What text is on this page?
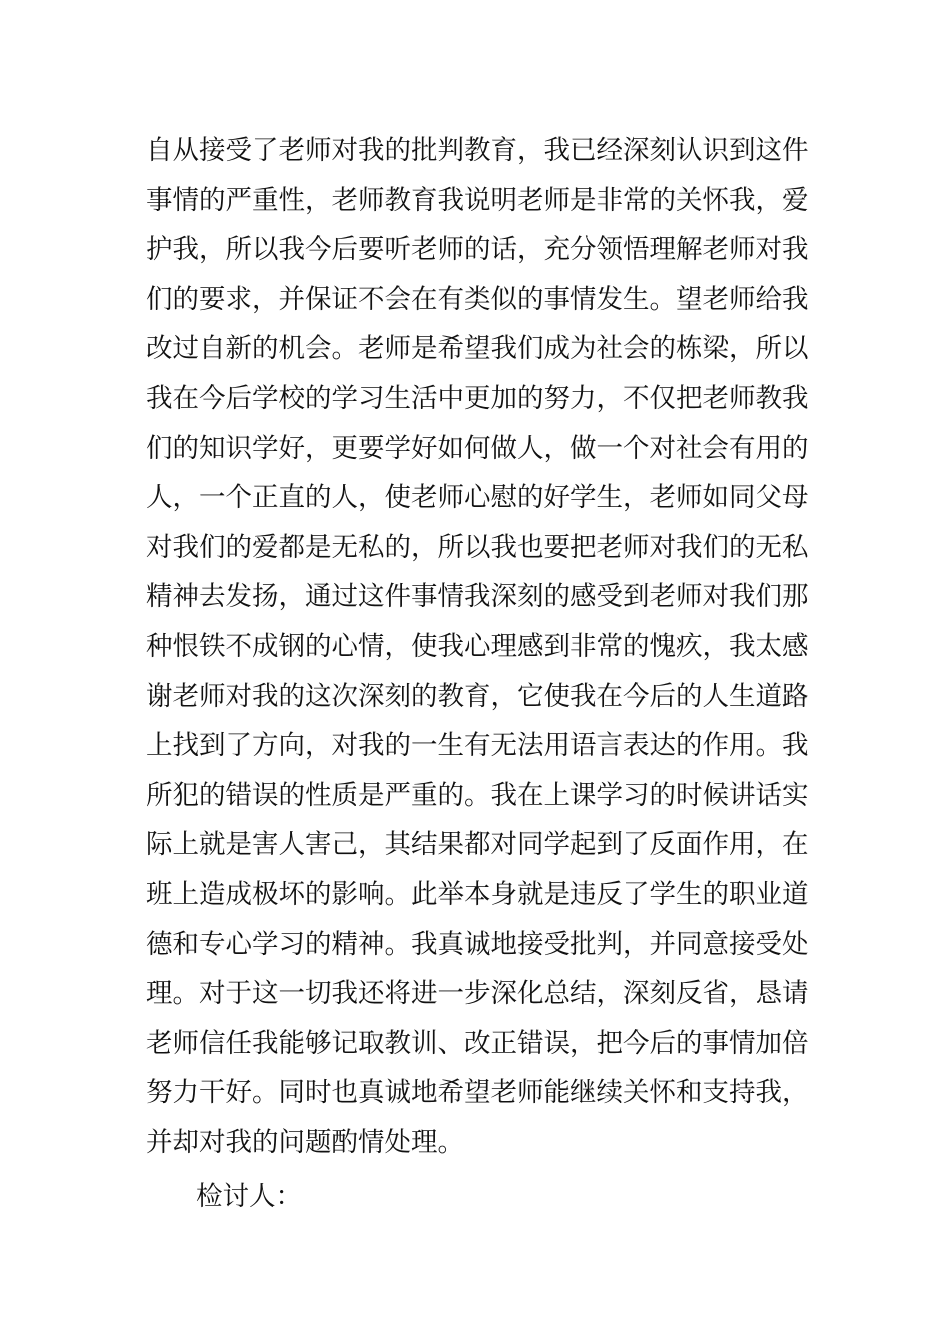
自从接受了老师对我的批判教育，我已经深刻认识到这件
事情的严重性，老师教育我说明老师是非常的关怀我，爱
护我，所以我今后要听老师的话，充分领悟理解老师对我
们的要求，并保证不会在有类似的事情发生。望老师给我
改过自新的机会。老师是希望我们成为社会的栋梁，所以
我在今后学校的学习生活中更加的努力，不仅把老师教我
们的知识学好，更要学好如何做人，做一个对社会有用的
人，一个正直的人，使老师心慰的好学生，老师如同父母
对我们的爱都是无私的，所以我也要把老师对我们的无私
精神去发扬，通过这件事情我深刻的感受到老师对我们那
种恨铁不成钢的心情，使我心理感到非常的愧疚，我太感
谢老师对我的这次深刻的教育，它使我在今后的人生道路
上找到了方向，对我的一生有无法用语言表达的作用。我
所犯的错误的性质是严重的。我在上课学习的时候讲话实
际上就是害人害己，其结果都对同学起到了反面作用，在
班上造成极坏的影响。此举本身就是违反了学生的职业道
德和专心学习的精神。我真诚地接受批判，并同意接受处
理。对于这一切我还将进一步深化总结，深刻反省，恳请
老师信任我能够记取教训、改正错误，把今后的事情加倍
努力干好。同时也真诚地希望老师能继续关怀和支持我，
并却对我的问题酌情处理。
检讨人：
